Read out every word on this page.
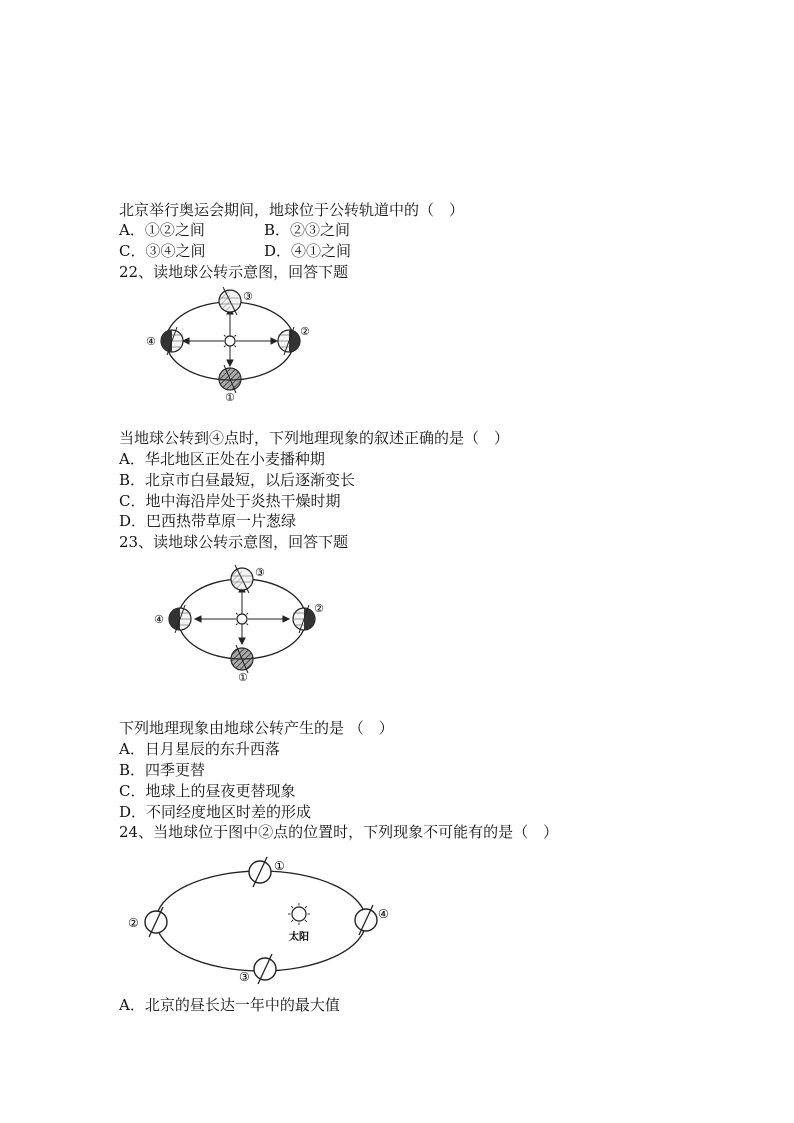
北京举行奥运会期间，地球位于公转轨道中的（　）
A．①②之间	B．②③之间
C．③④之间	D．④①之间
22、读地球公转示意图，回答下题
③
①
④
②
当地球公转到④点时，下列地理现象的叙述正确的是（　）
A．华北地区正处在小麦播种期
B．北京市白昼最短，以后逐渐变长
C．地中海沿岸处于炎热干燥时期
D．巴西热带草原一片葱绿
23、读地球公转示意图，回答下题
③
①
④
②
下列地理现象由地球公转产生的是 （　）
A．日月星辰的东升西落
B．四季更替
C．地球上的昼夜更替现象
D．不同经度地区时差的形成
24、当地球位于图中②点的位置时，下列现象不可能有的是（　）
太阳
①
②
③
④
A．北京的昼长达一年中的最大值
